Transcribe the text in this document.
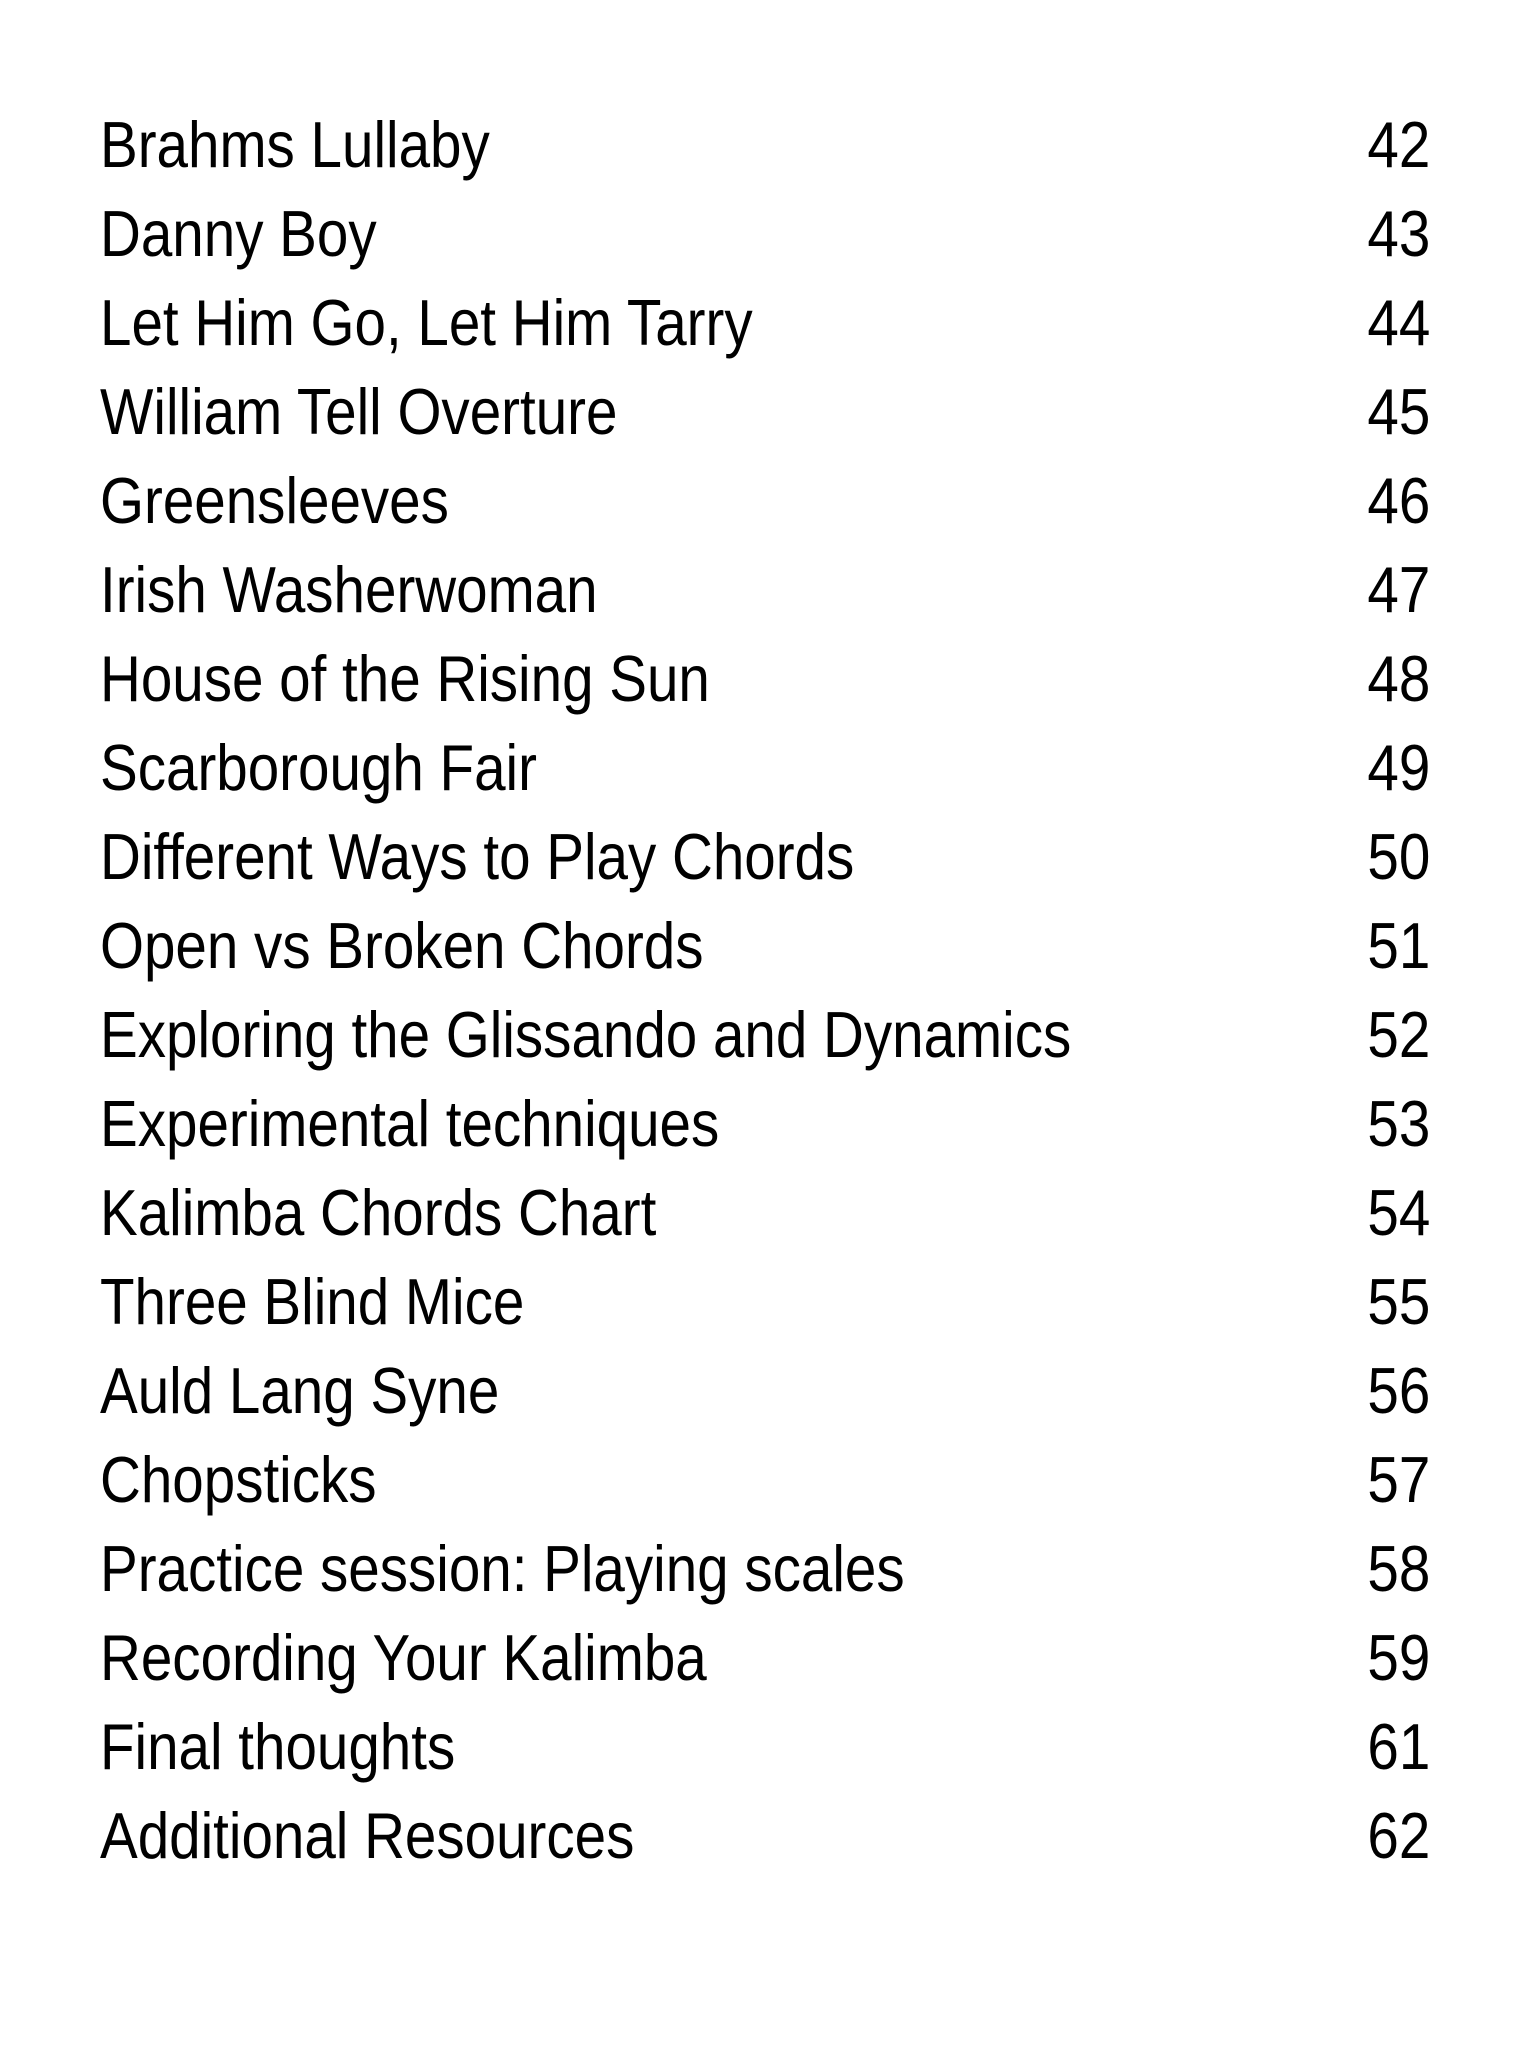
Brahms Lullaby	42
Danny Boy	43
Let Him Go, Let Him Tarry	44
William Tell Overture	45
Greensleeves	46
Irish Washerwoman	47
House of the Rising Sun	48
Scarborough Fair	49
Different Ways to Play Chords	50
Open vs Broken Chords	51
Exploring the Glissando and Dynamics	52
Experimental techniques	53
Kalimba Chords Chart	54
Three Blind Mice	55
Auld Lang Syne	56
Chopsticks	57
Practice session: Playing scales	58
Recording Your Kalimba	59
Final thoughts	61
Additional Resources	62
